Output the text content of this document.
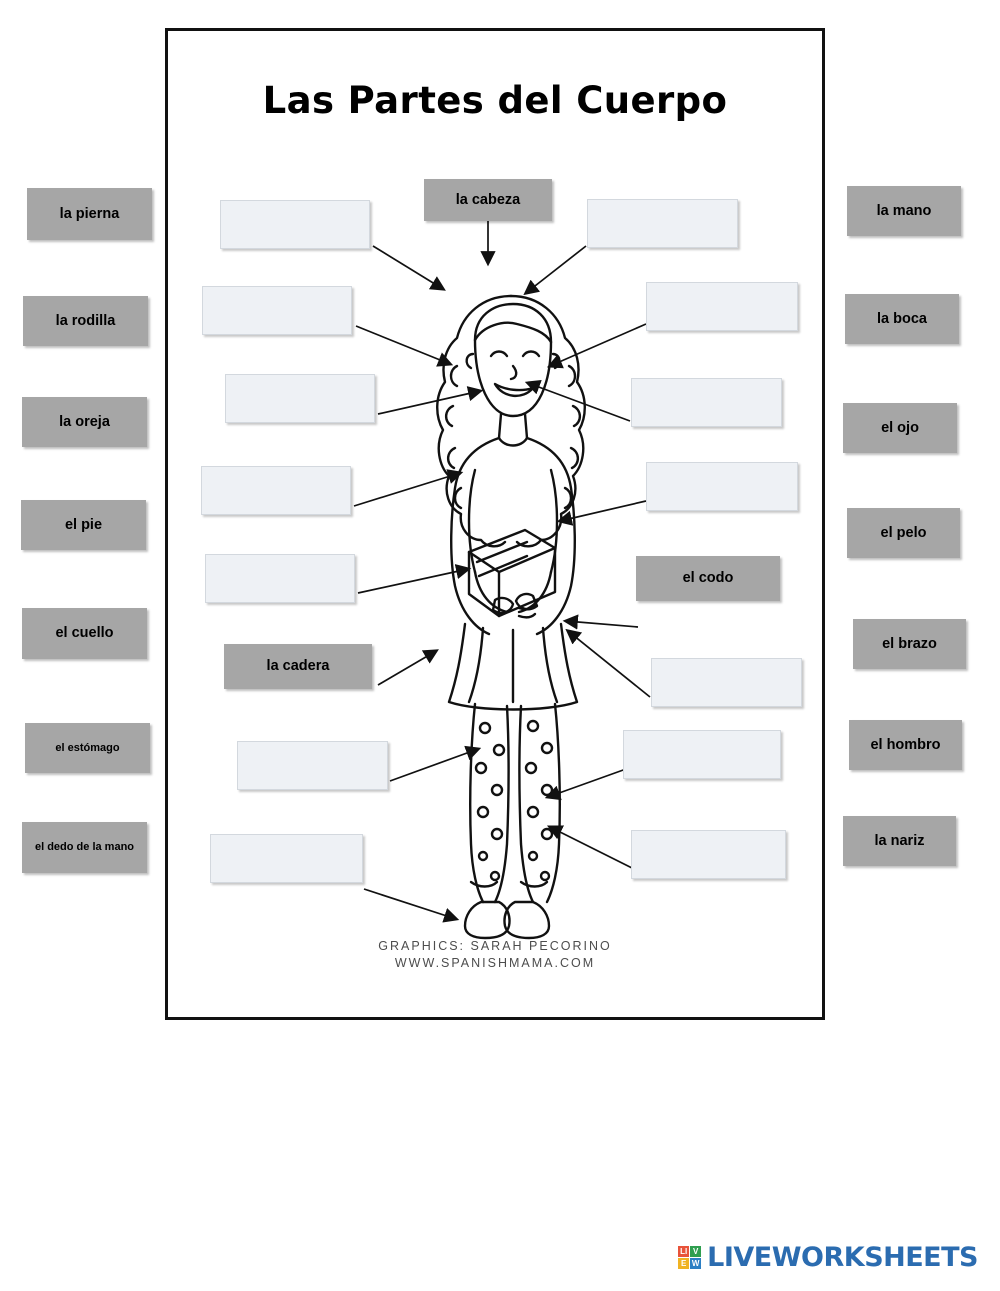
Las Partes del Cuerpo
la cabeza
el codo
la cadera
GRAPHICS: SARAH PECORINO
WWW.SPANISHMAMA.COM
la pierna
la rodilla
la oreja
el pie
el cuello
el estómago
el dedo de la mano
la mano
la boca
el ojo
el pelo
el brazo
el hombro
la nariz
LI V
E W LIVEWORKSHEETS
